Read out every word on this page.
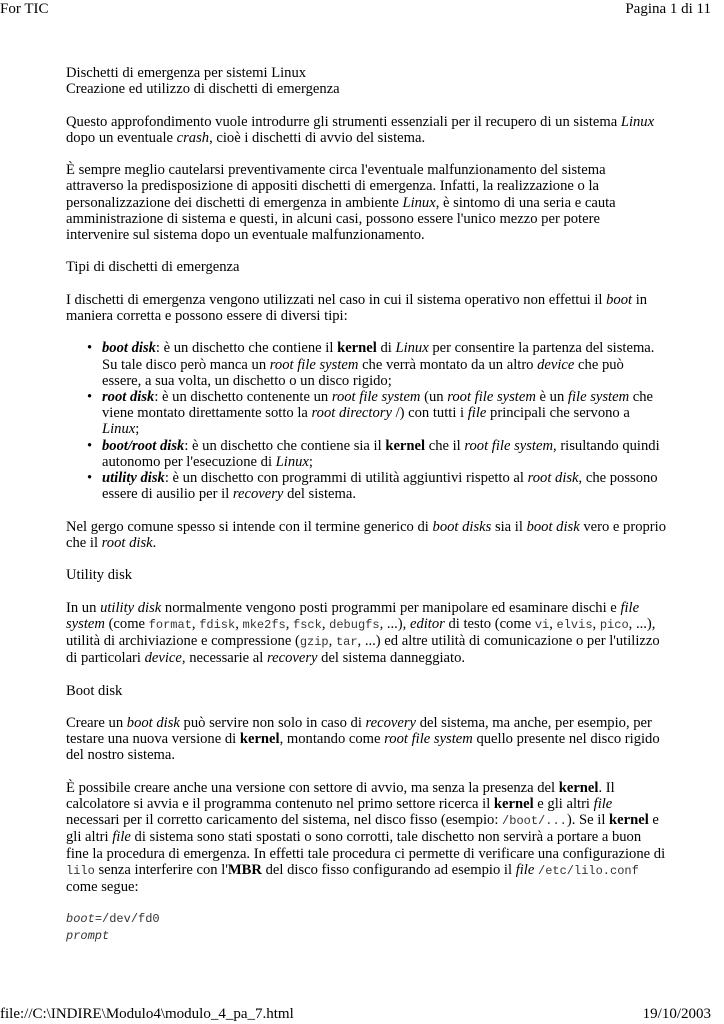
For TIC	Pagina 1 di 11

Dischetti di emergenza per sistemi Linux
Creazione ed utilizzo di dischetti di emergenza

Questo approfondimento vuole introdurre gli strumenti essenziali per il recupero di un sistema Linux dopo un eventuale crash, cioè i dischetti di avvio del sistema.

È sempre meglio cautelarsi preventivamente circa l'eventuale malfunzionamento del sistema attraverso la predisposizione di appositi dischetti di emergenza. Infatti, la realizzazione o la personalizzazione dei dischetti di emergenza in ambiente Linux, è sintomo di una seria e cauta amministrazione di sistema e questi, in alcuni casi, possono essere l'unico mezzo per potere intervenire sul sistema dopo un eventuale malfunzionamento.

Tipi di dischetti di emergenza

I dischetti di emergenza vengono utilizzati nel caso in cui il sistema operativo non effettui il boot in maniera corretta e possono essere di diversi tipi:

• boot disk: è un dischetto che contiene il kernel di Linux per consentire la partenza del sistema. Su tale disco però manca un root file system che verrà montato da un altro device che può essere, a sua volta, un dischetto o un disco rigido;
• root disk: è un dischetto contenente un root file system (un root file system è un file system che viene montato direttamente sotto la root directory /) con tutti i file principali che servono a Linux;
• boot/root disk: è un dischetto che contiene sia il kernel che il root file system, risultando quindi autonomo per l'esecuzione di Linux;
• utility disk: è un dischetto con programmi di utilità aggiuntivi rispetto al root disk, che possono essere di ausilio per il recovery del sistema.

Nel gergo comune spesso si intende con il termine generico di boot disks sia il boot disk vero e proprio che il root disk.

Utility disk

In un utility disk normalmente vengono posti programmi per manipolare ed esaminare dischi e file system (come format, fdisk, mke2fs, fsck, debugfs, ...), editor di testo (come vi, elvis, pico, ...), utilità di archiviazione e compressione (gzip, tar, ...) ed altre utilità di comunicazione o per l'utilizzo di particolari device, necessarie al recovery del sistema danneggiato.

Boot disk

Creare un boot disk può servire non solo in caso di recovery del sistema, ma anche, per esempio, per testare una nuova versione di kernel, montando come root file system quello presente nel disco rigido del nostro sistema.

È possibile creare anche una versione con settore di avvio, ma senza la presenza del kernel. Il calcolatore si avvia e il programma contenuto nel primo settore ricerca il kernel e gli altri file necessari per il corretto caricamento del sistema, nel disco fisso (esempio: /boot/...). Se il kernel e gli altri file di sistema sono stati spostati o sono corrotti, tale dischetto non servirà a portare a buon fine la procedura di emergenza. In effetti tale procedura ci permette di verificare una configurazione di lilo senza interferire con l'MBR del disco fisso configurando ad esempio il file /etc/lilo.conf come segue:

boot=/dev/fd0
prompt
file://C:\INDIRE\Modulo4\modulo_4_pa_7.html	19/10/2003
